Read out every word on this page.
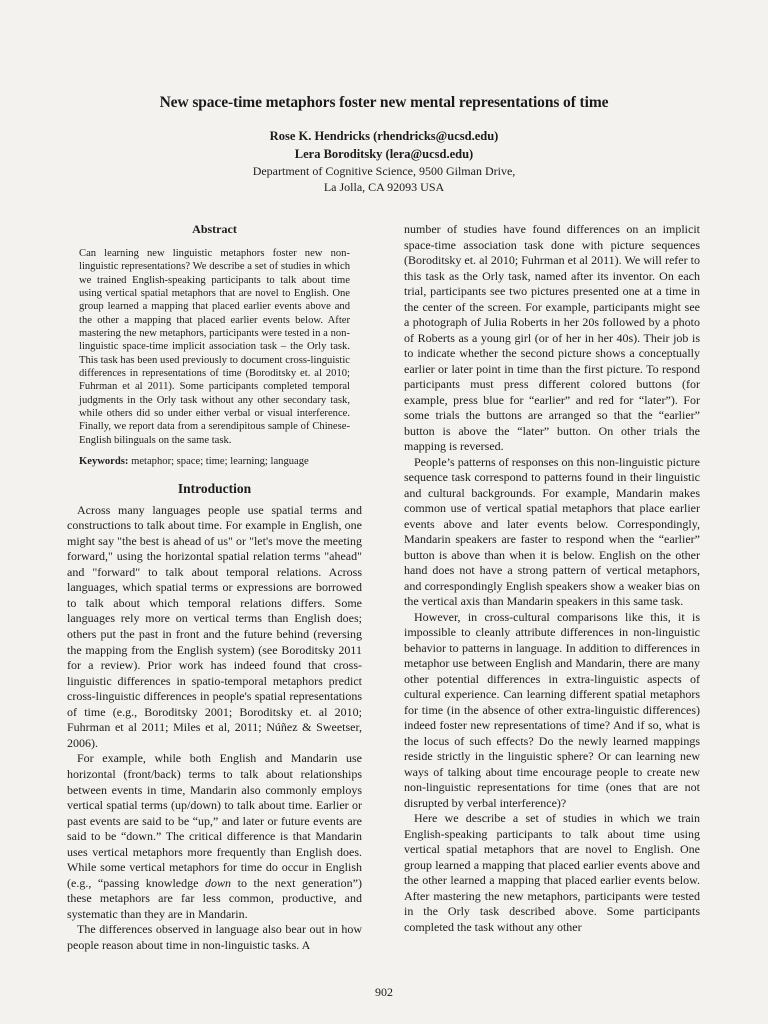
New space-time metaphors foster new mental representations of time
Rose K. Hendricks (rhendricks@ucsd.edu)
Lera Boroditsky (lera@ucsd.edu)
Department of Cognitive Science, 9500 Gilman Drive,
La Jolla, CA 92093 USA
Abstract

Can learning new linguistic metaphors foster new non-linguistic representations? We describe a set of studies in which we trained English-speaking participants to talk about time using vertical spatial metaphors that are novel to English. One group learned a mapping that placed earlier events above and the other a mapping that placed earlier events below. After mastering the new metaphors, participants were tested in a non-linguistic space-time implicit association task – the Orly task. This task has been used previously to document cross-linguistic differences in representations of time (Boroditsky et. al 2010; Fuhrman et al 2011). Some participants completed temporal judgments in the Orly task without any other secondary task, while others did so under either verbal or visual interference. Finally, we report data from a serendipitous sample of Chinese-English bilinguals on the same task.

Keywords: metaphor; space; time; learning; language

Introduction

Across many languages people use spatial terms and constructions to talk about time. For example in English, one might say "the best is ahead of us" or "let's move the meeting forward," using the horizontal spatial relation terms "ahead" and "forward" to talk about temporal relations. Across languages, which spatial terms or expressions are borrowed to talk about which temporal relations differs. Some languages rely more on vertical terms than English does; others put the past in front and the future behind (reversing the mapping from the English system) (see Boroditsky 2011 for a review). Prior work has indeed found that cross-linguistic differences in spatio-temporal metaphors predict cross-linguistic differences in people's spatial representations of time (e.g., Boroditsky 2001; Boroditsky et. al 2010; Fuhrman et al 2011; Miles et al, 2011; Núñez & Sweetser, 2006).

For example, while both English and Mandarin use horizontal (front/back) terms to talk about relationships between events in time, Mandarin also commonly employs vertical spatial terms (up/down) to talk about time. Earlier or past events are said to be “up,” and later or future events are said to be “down.” The critical difference is that Mandarin uses vertical metaphors more frequently than English does. While some vertical metaphors for time do occur in English (e.g., “passing knowledge down to the next generation”) these metaphors are far less common, productive, and systematic than they are in Mandarin.

The differences observed in language also bear out in how people reason about time in non-linguistic tasks. A

number of studies have found differences on an implicit space-time association task done with picture sequences (Boroditsky et. al 2010; Fuhrman et al 2011). We will refer to this task as the Orly task, named after its inventor. On each trial, participants see two pictures presented one at a time in the center of the screen. For example, participants might see a photograph of Julia Roberts in her 20s followed by a photo of Roberts as a young girl (or of her in her 40s). Their job is to indicate whether the second picture shows a conceptually earlier or later point in time than the first picture. To respond participants must press different colored buttons (for example, press blue for “earlier” and red for “later”). For some trials the buttons are arranged so that the “earlier” button is above the “later” button. On other trials the mapping is reversed.

People’s patterns of responses on this non-linguistic picture sequence task correspond to patterns found in their linguistic and cultural backgrounds. For example, Mandarin makes common use of vertical spatial metaphors that place earlier events above and later events below. Correspondingly, Mandarin speakers are faster to respond when the “earlier” button is above than when it is below. English on the other hand does not have a strong pattern of vertical metaphors, and correspondingly English speakers show a weaker bias on the vertical axis than Mandarin speakers in this same task.

However, in cross-cultural comparisons like this, it is impossible to cleanly attribute differences in non-linguistic behavior to patterns in language. In addition to differences in metaphor use between English and Mandarin, there are many other potential differences in extra-linguistic aspects of cultural experience. Can learning different spatial metaphors for time (in the absence of other extra-linguistic differences) indeed foster new representations of time? And if so, what is the locus of such effects? Do the newly learned mappings reside strictly in the linguistic sphere? Or can learning new ways of talking about time encourage people to create new non-linguistic representations for time (ones that are not disrupted by verbal interference)?

Here we describe a set of studies in which we train English-speaking participants to talk about time using vertical spatial metaphors that are novel to English. One group learned a mapping that placed earlier events above and the other learned a mapping that placed earlier events below. After mastering the new metaphors, participants were tested in the Orly task described above. Some participants completed the task without any other

902
